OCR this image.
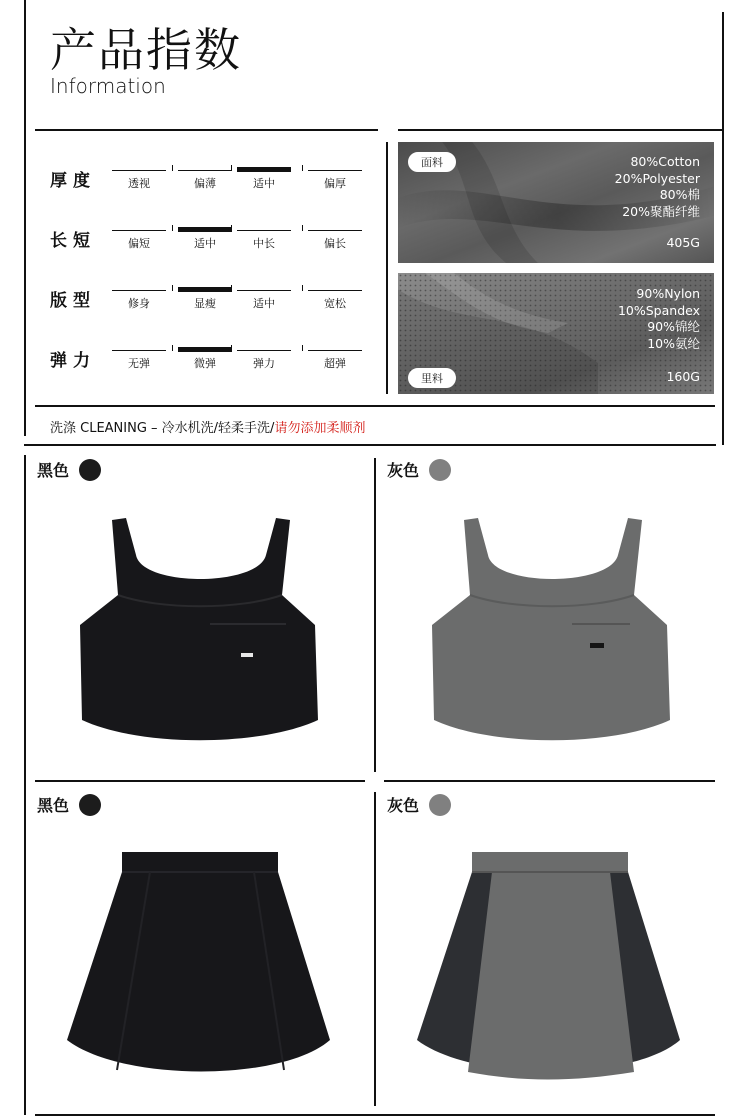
产品指数
Information
厚度	透视	偏薄	适中	偏厚
长短	偏短	适中	中长	偏长
版型	修身	显瘦	适中	宽松
弹力	无弹	微弹	弹力	超弹
面料	80%Cotton
20%Polyester
80%棉
20%聚酯纤维
405G
90%Nylon
10%Spandex
90%锦纶
10%氨纶
里料	160G
洗涤 CLEANING – 冷水机洗/轻柔手洗/请勿添加柔顺剂
黑色	灰色
黑色	灰色
